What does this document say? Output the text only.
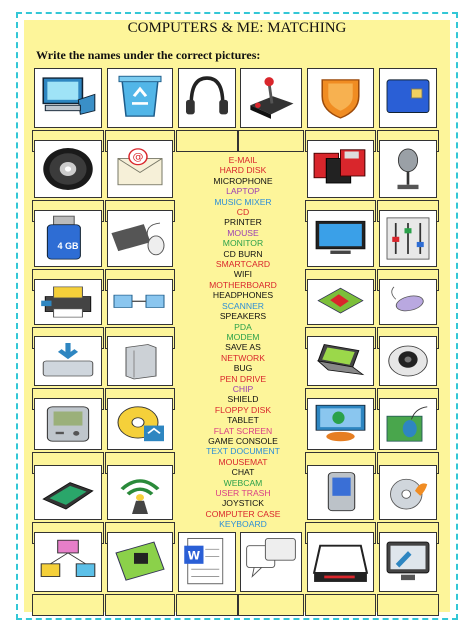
COMPUTERS & ME: MATCHING
Write the names under the correct pictures:
@
4 GB
W
E-MAIL
HARD DISK
MICROPHONE
LAPTOP
MUSIC MIXER
CD
PRINTER
MOUSE
MONITOR
CD BURN
SMARTCARD
WIFI
MOTHERBOARD
HEADPHONES
SCANNER
SPEAKERS
PDA
MODEM
SAVE AS
NETWORK
BUG
PEN DRIVE
CHIP
SHIELD
FLOPPY DISK
TABLET
FLAT SCREEN
GAME CONSOLE
TEXT DOCUMENT
MOUSEMAT
CHAT
WEBCAM
USER TRASH
JOYSTICK
COMPUTER CASE
KEYBOARD
